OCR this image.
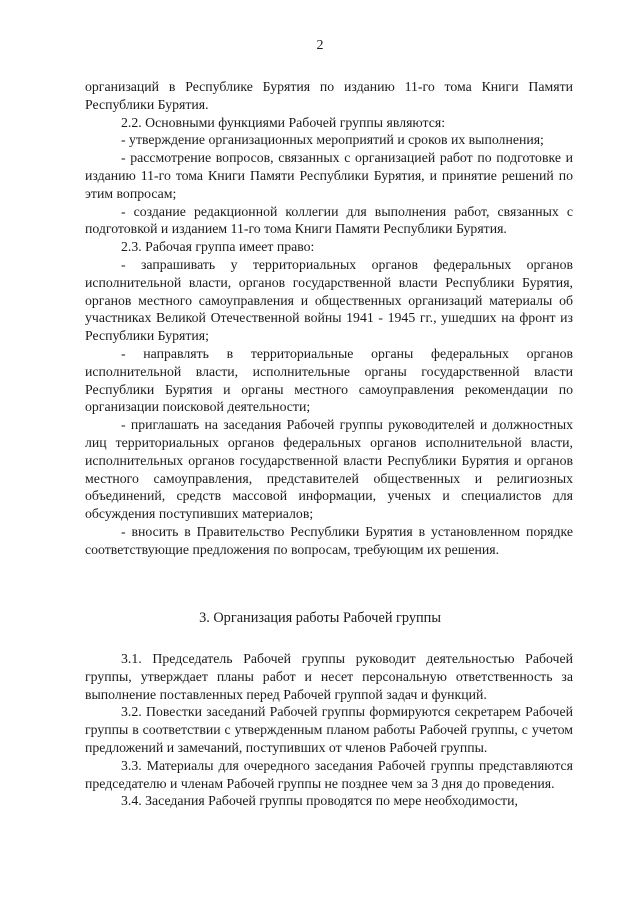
2

организаций в Республике Бурятия по изданию 11-го тома Книги Памяти Республики Бурятия.

2.2. Основными функциями Рабочей группы являются:

- утверждение организационных мероприятий и сроков их выполнения;

- рассмотрение вопросов, связанных с организацией работ по подготовке и изданию 11-го тома Книги Памяти Республики Бурятия, и принятие решений по этим вопросам;

- создание редакционной коллегии для выполнения работ, связанных с подготовкой и изданием 11-го тома Книги Памяти Республики Бурятия.

2.3. Рабочая группа имеет право:

- запрашивать у территориальных органов федеральных органов исполнительной власти, органов государственной власти Республики Бурятия, органов местного самоуправления и общественных организаций материалы об участниках Великой Отечественной войны 1941 - 1945 гг., ушедших на фронт из Республики Бурятия;

- направлять в территориальные органы федеральных органов исполнительной власти, исполнительные органы государственной власти Республики Бурятия и органы местного самоуправления рекомендации по организации поисковой деятельности;

- приглашать на заседания Рабочей группы руководителей и должностных лиц территориальных органов федеральных органов исполнительной власти, исполнительных органов государственной власти Республики Бурятия и органов местного самоуправления, представителей общественных и религиозных объединений, средств массовой информации, ученых и специалистов для обсуждения поступивших материалов;

- вносить в Правительство Республики Бурятия в установленном порядке соответствующие предложения по вопросам, требующим их решения.

3. Организация работы Рабочей группы

3.1. Председатель Рабочей группы руководит деятельностью Рабочей группы, утверждает планы работ и несет персональную ответственность за выполнение поставленных перед Рабочей группой задач и функций.

3.2. Повестки заседаний Рабочей группы формируются секретарем Рабочей группы в соответствии с утвержденным планом работы Рабочей группы, с учетом предложений и замечаний, поступивших от членов Рабочей группы.

3.3. Материалы для очередного заседания Рабочей группы представляются председателю и членам Рабочей группы не позднее чем за 3 дня до проведения.

3.4. Заседания Рабочей группы проводятся по мере необходимости,
